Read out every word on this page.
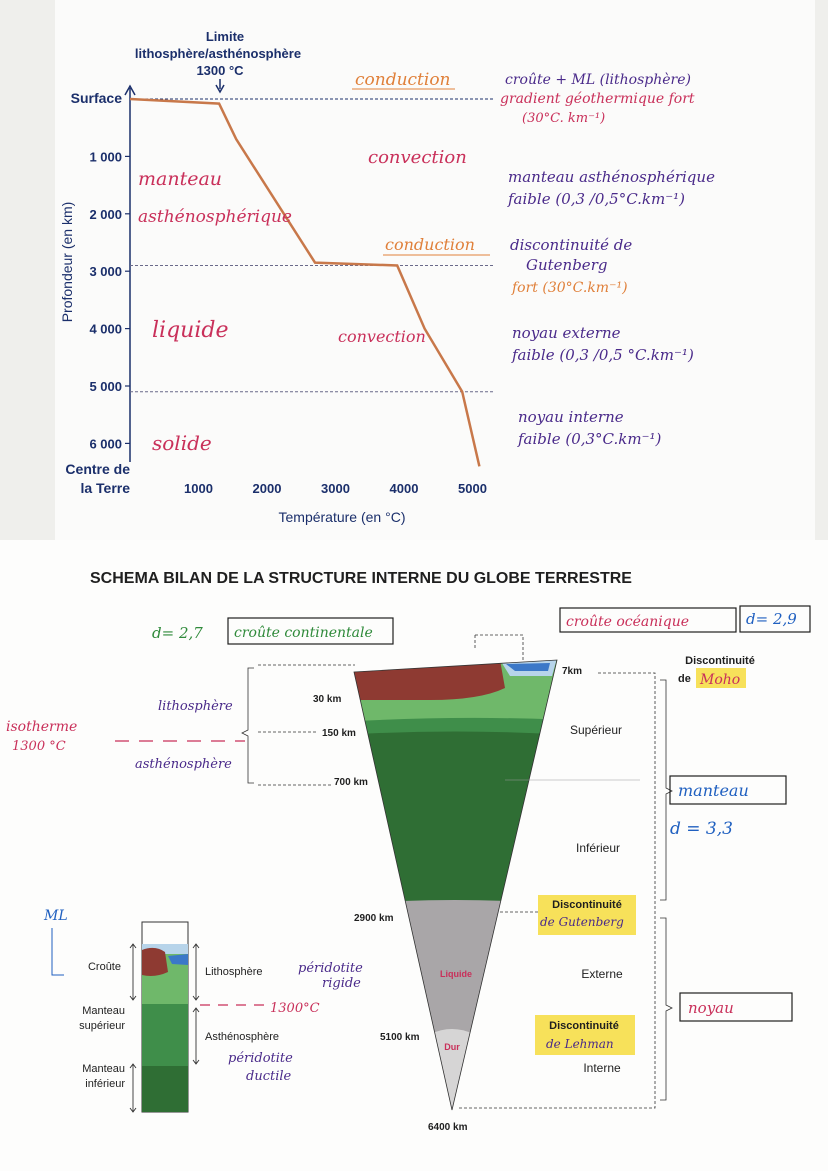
Limite
lithosphère/asthénosphère
1300 °C
Surface
Centre de
la Terre
Profondeur (en km)
Température (en °C)
1 000
2 000
3 000
4 000
5 000
6 000
1000	2000	3000	4000	5000
conduction
convection
conduction
convection
manteau
asthénosphérique
liquide
solide
croûte + ML (lithosphère)
gradient géothermique fort
(30°C. km⁻¹)
manteau asthénosphérique
faible (0,3 /0,5°C.km⁻¹)
discontinuité de
Gutenberg
fort (30°C.km⁻¹)
noyau externe
faible (0,3 /0,5 °C.km⁻¹)
noyau interne
faible (0,3°C.km⁻¹)
SCHEMA BILAN DE LA STRUCTURE INTERNE DU GLOBE TERRESTRE
d= 2,7 croûte continentale
croûte océanique	d= 2,9
Liquide
Dur
30 km
150 km
700 km
2900 km
5100 km
6400 km
7km
lithosphère
asthénosphère
isotherme
1300 °C
Discontinuité
de Moho
Supérieur
Inférieur
manteau
d = 3,3
Discontinuité
de Gutenberg
Externe
noyau
Discontinuité
de Lehman
Interne
ML
Croûte
Manteau
supérieur
Manteau
inférieur
Lithosphère	péridotite
rigide
1300°C
Asthénosphère
péridotite
ductile
